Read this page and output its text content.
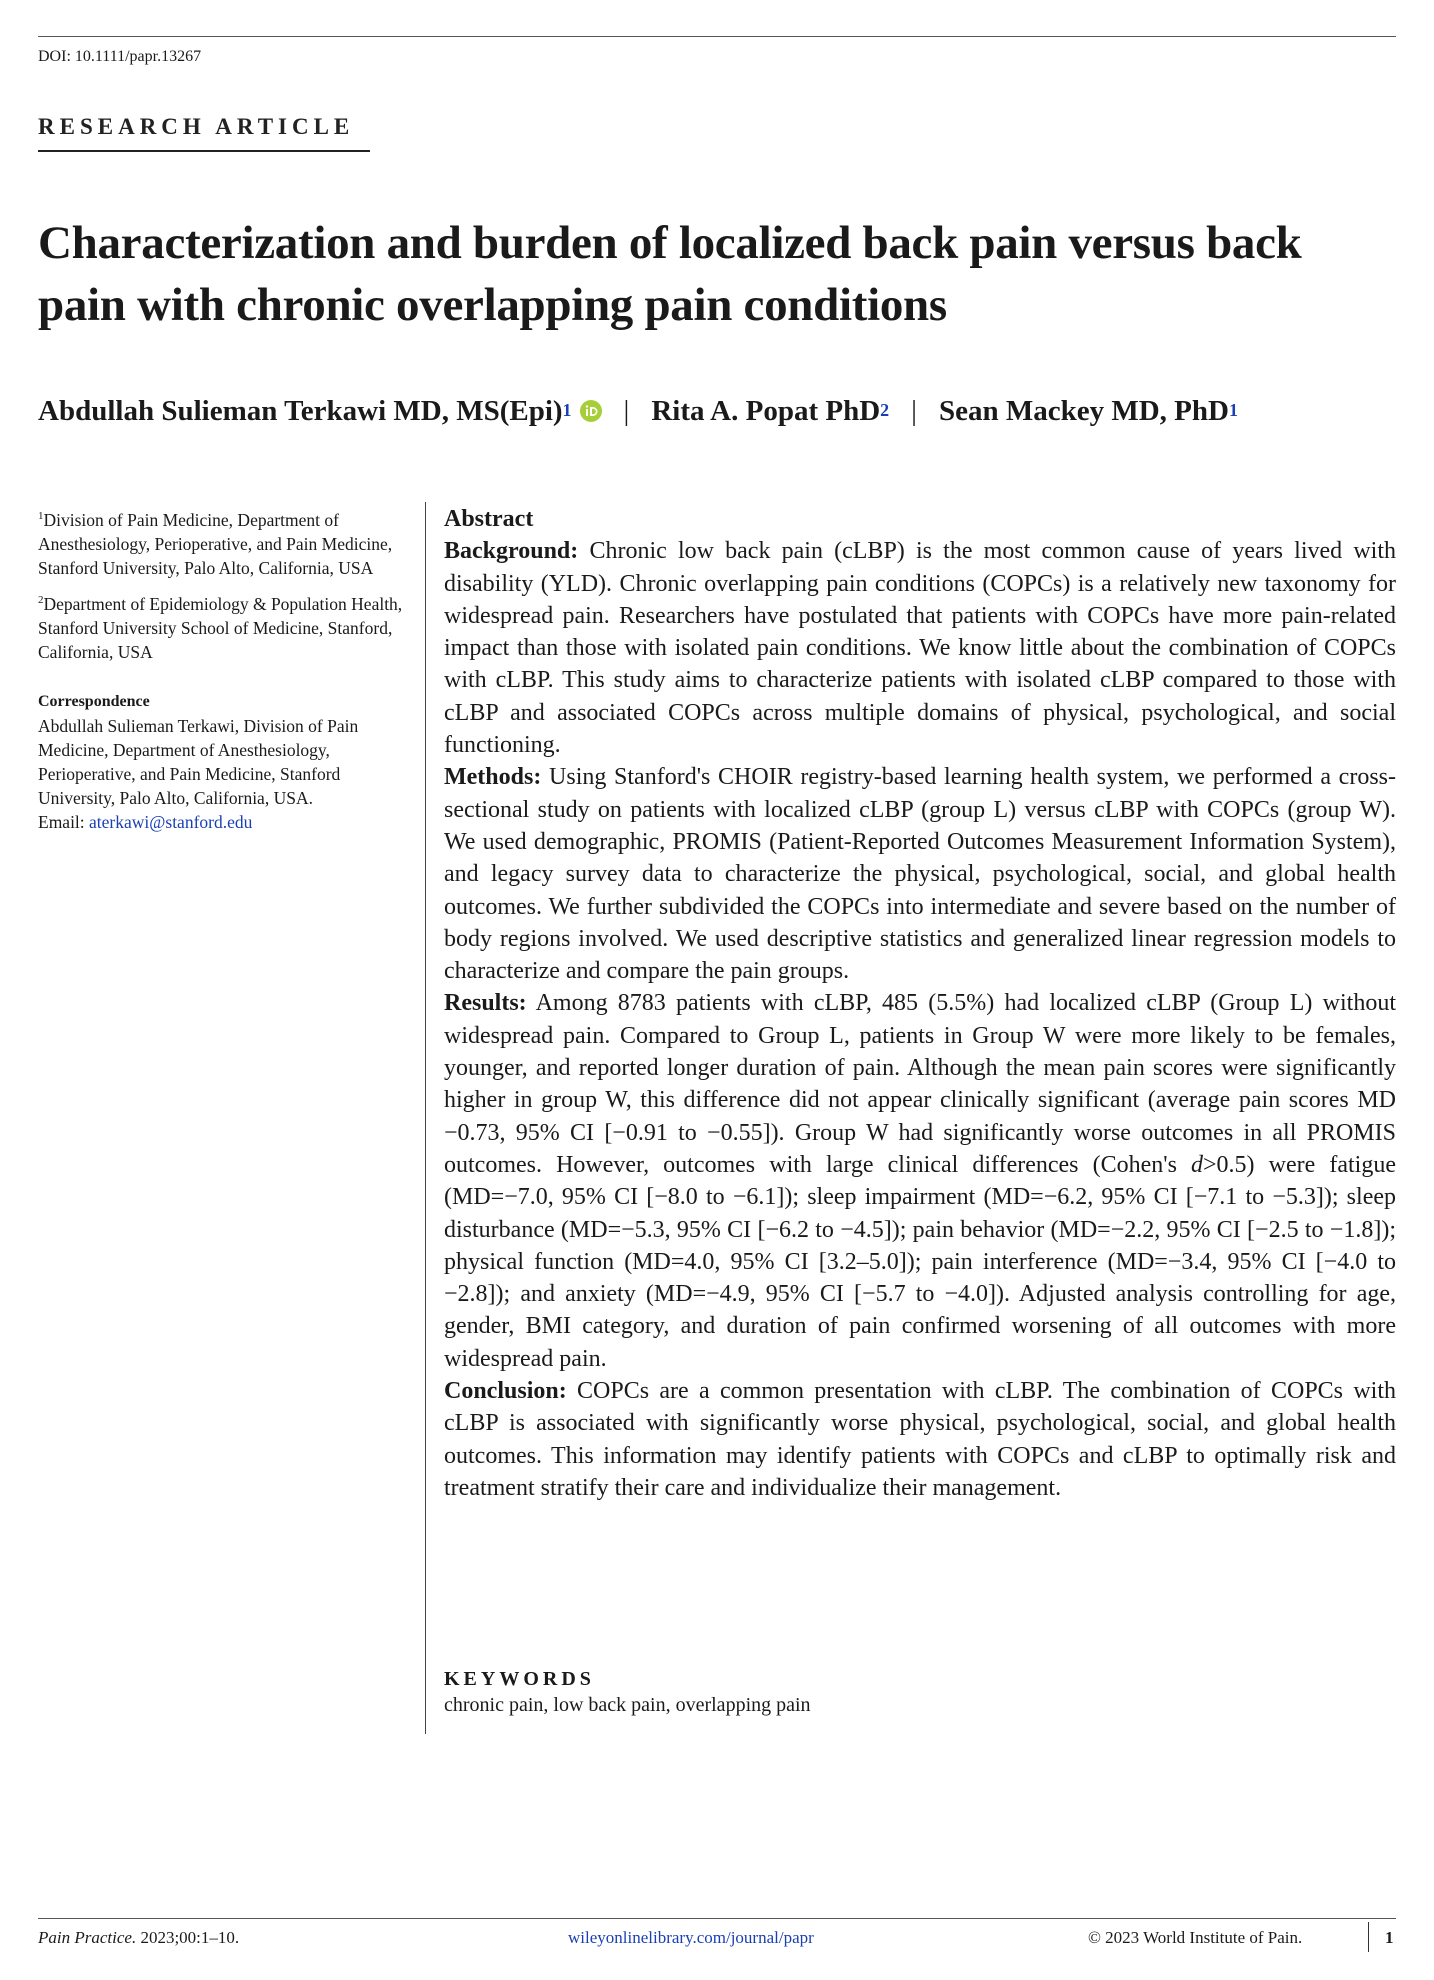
DOI: 10.1111/papr.13267
RESEARCH ARTICLE
Characterization and burden of localized back pain versus back pain with chronic overlapping pain conditions
Abdullah Sulieman Terkawi MD, MS(Epi)$^1$ | Rita A. Popat PhD$^2$ | Sean Mackey MD, PhD$^1$
$^1$Division of Pain Medicine, Department of Anesthesiology, Perioperative, and Pain Medicine, Stanford University, Palo Alto, California, USA
$^2$Department of Epidemiology & Population Health, Stanford University School of Medicine, Stanford, California, USA
Correspondence
Abdullah Sulieman Terkawi, Division of Pain Medicine, Department of Anesthesiology, Perioperative, and Pain Medicine, Stanford University, Palo Alto, California, USA.
Email: aterkawi@stanford.edu
Abstract

Background: Chronic low back pain (cLBP) is the most common cause of years lived with disability (YLD). Chronic overlapping pain conditions (COPCs) is a relatively new taxonomy for widespread pain. Researchers have postulated that patients with COPCs have more pain-related impact than those with isolated pain conditions. We know little about the combination of COPCs with cLBP. This study aims to characterize patients with isolated cLBP compared to those with cLBP and associated COPCs across multiple domains of physical, psychological, and social functioning.

Methods: Using Stanford's CHOIR registry-based learning health system, we performed a cross-sectional study on patients with localized cLBP (group L) versus cLBP with COPCs (group W). We used demographic, PROMIS (Patient-Reported Outcomes Measurement Information System), and legacy survey data to characterize the physical, psychological, social, and global health outcomes. We further subdivided the COPCs into intermediate and severe based on the number of body regions involved. We used descriptive statistics and generalized linear regression models to characterize and compare the pain groups.

Results: Among 8783 patients with cLBP, 485 (5.5%) had localized cLBP (Group L) without widespread pain. Compared to Group L, patients in Group W were more likely to be females, younger, and reported longer duration of pain. Although the mean pain scores were significantly higher in group W, this difference did not appear clinically significant (average pain scores MD −0.73, 95% CI [−0.91 to −0.55]). Group W had significantly worse outcomes in all PROMIS outcomes. However, outcomes with large clinical differences (Cohen's d>0.5) were fatigue (MD=−7.0, 95% CI [−8.0 to −6.1]); sleep impairment (MD=−6.2, 95% CI [−7.1 to −5.3]); sleep disturbance (MD=−5.3, 95% CI [−6.2 to −4.5]); pain behavior (MD=−2.2, 95% CI [−2.5 to −1.8]); physical function (MD=4.0, 95% CI [3.2–5.0]); pain interference (MD=−3.4, 95% CI [−4.0 to −2.8]); and anxiety (MD=−4.9, 95% CI [−5.7 to −4.0]). Adjusted analysis controlling for age, gender, BMI category, and duration of pain confirmed worsening of all outcomes with more widespread pain.

Conclusion: COPCs are a common presentation with cLBP. The combination of COPCs with cLBP is associated with significantly worse physical, psychological, social, and global health outcomes. This information may identify patients with COPCs and cLBP to optimally risk and treatment stratify their care and individualize their management.

KEYWORDS
chronic pain, low back pain, overlapping pain
Pain Practice. 2023;00:1–10.	wileyonlinelibrary.com/journal/papr	© 2023 World Institute of Pain.	1
